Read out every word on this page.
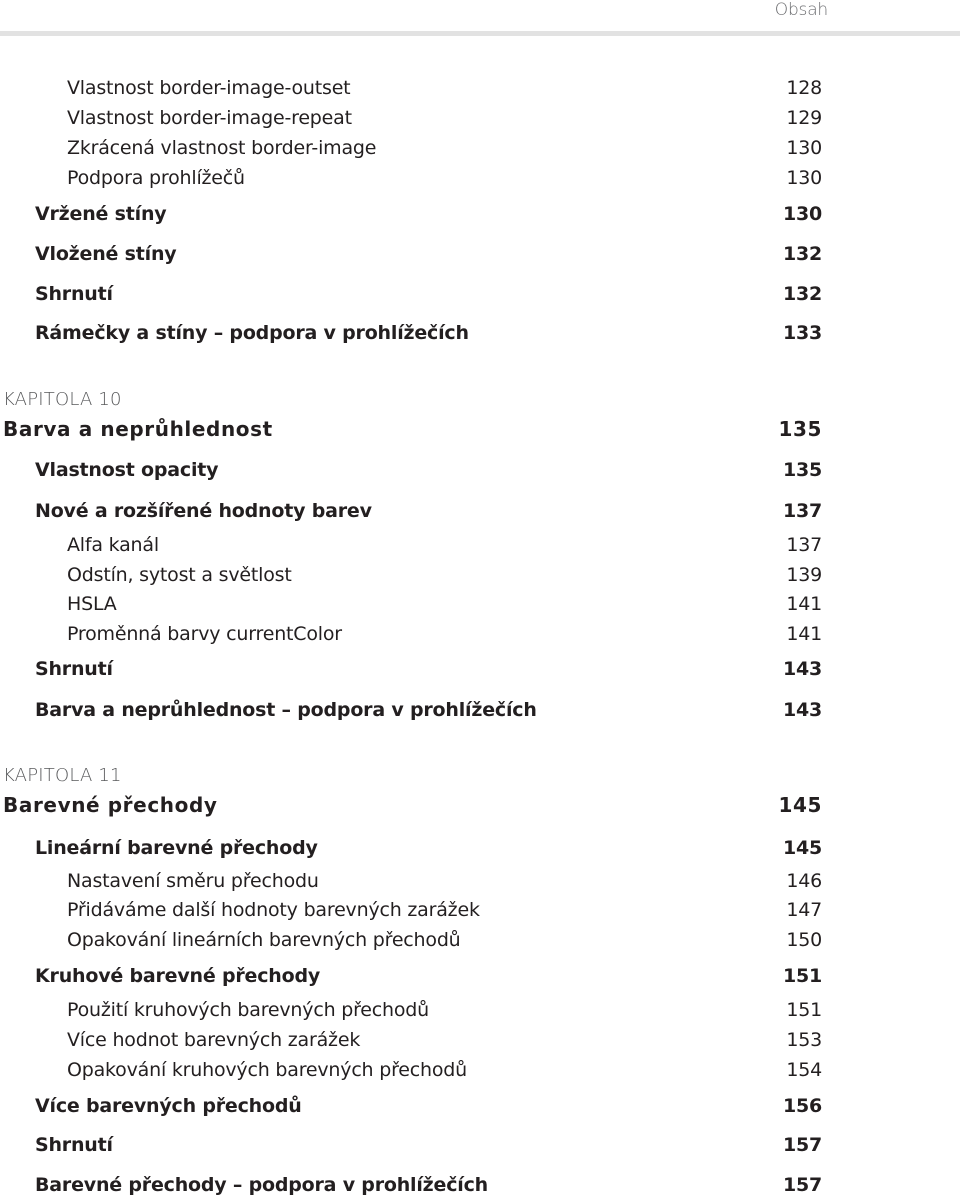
Obsah
Vlastnost border-image-outset	128
Vlastnost border-image-repeat	129
Zkrácená vlastnost border-image	130
Podpora prohlížečů	130
Vržené stíny	130
Vložené stíny	132
Shrnutí	132
Rámečky a stíny – podpora v prohlížečích	133
KAPITOLA 10
Barva a neprůhlednost	135
Vlastnost opacity	135
Nové a rozšířené hodnoty barev	137
Alfa kanál	137
Odstín, sytost a světlost	139
HSLA	141
Proměnná barvy currentColor	141
Shrnutí	143
Barva a neprůhlednost – podpora v prohlížečích	143
KAPITOLA 11
Barevné přechody	145
Lineární barevné přechody	145
Nastavení směru přechodu	146
Přidáváme další hodnoty barevných zarážek	147
Opakování lineárních barevných přechodů	150
Kruhové barevné přechody	151
Použití kruhových barevných přechodů	151
Více hodnot barevných zarážek	153
Opakování kruhových barevných přechodů	154
Více barevných přechodů	156
Shrnutí	157
Barevné přechody – podpora v prohlížečích	157
